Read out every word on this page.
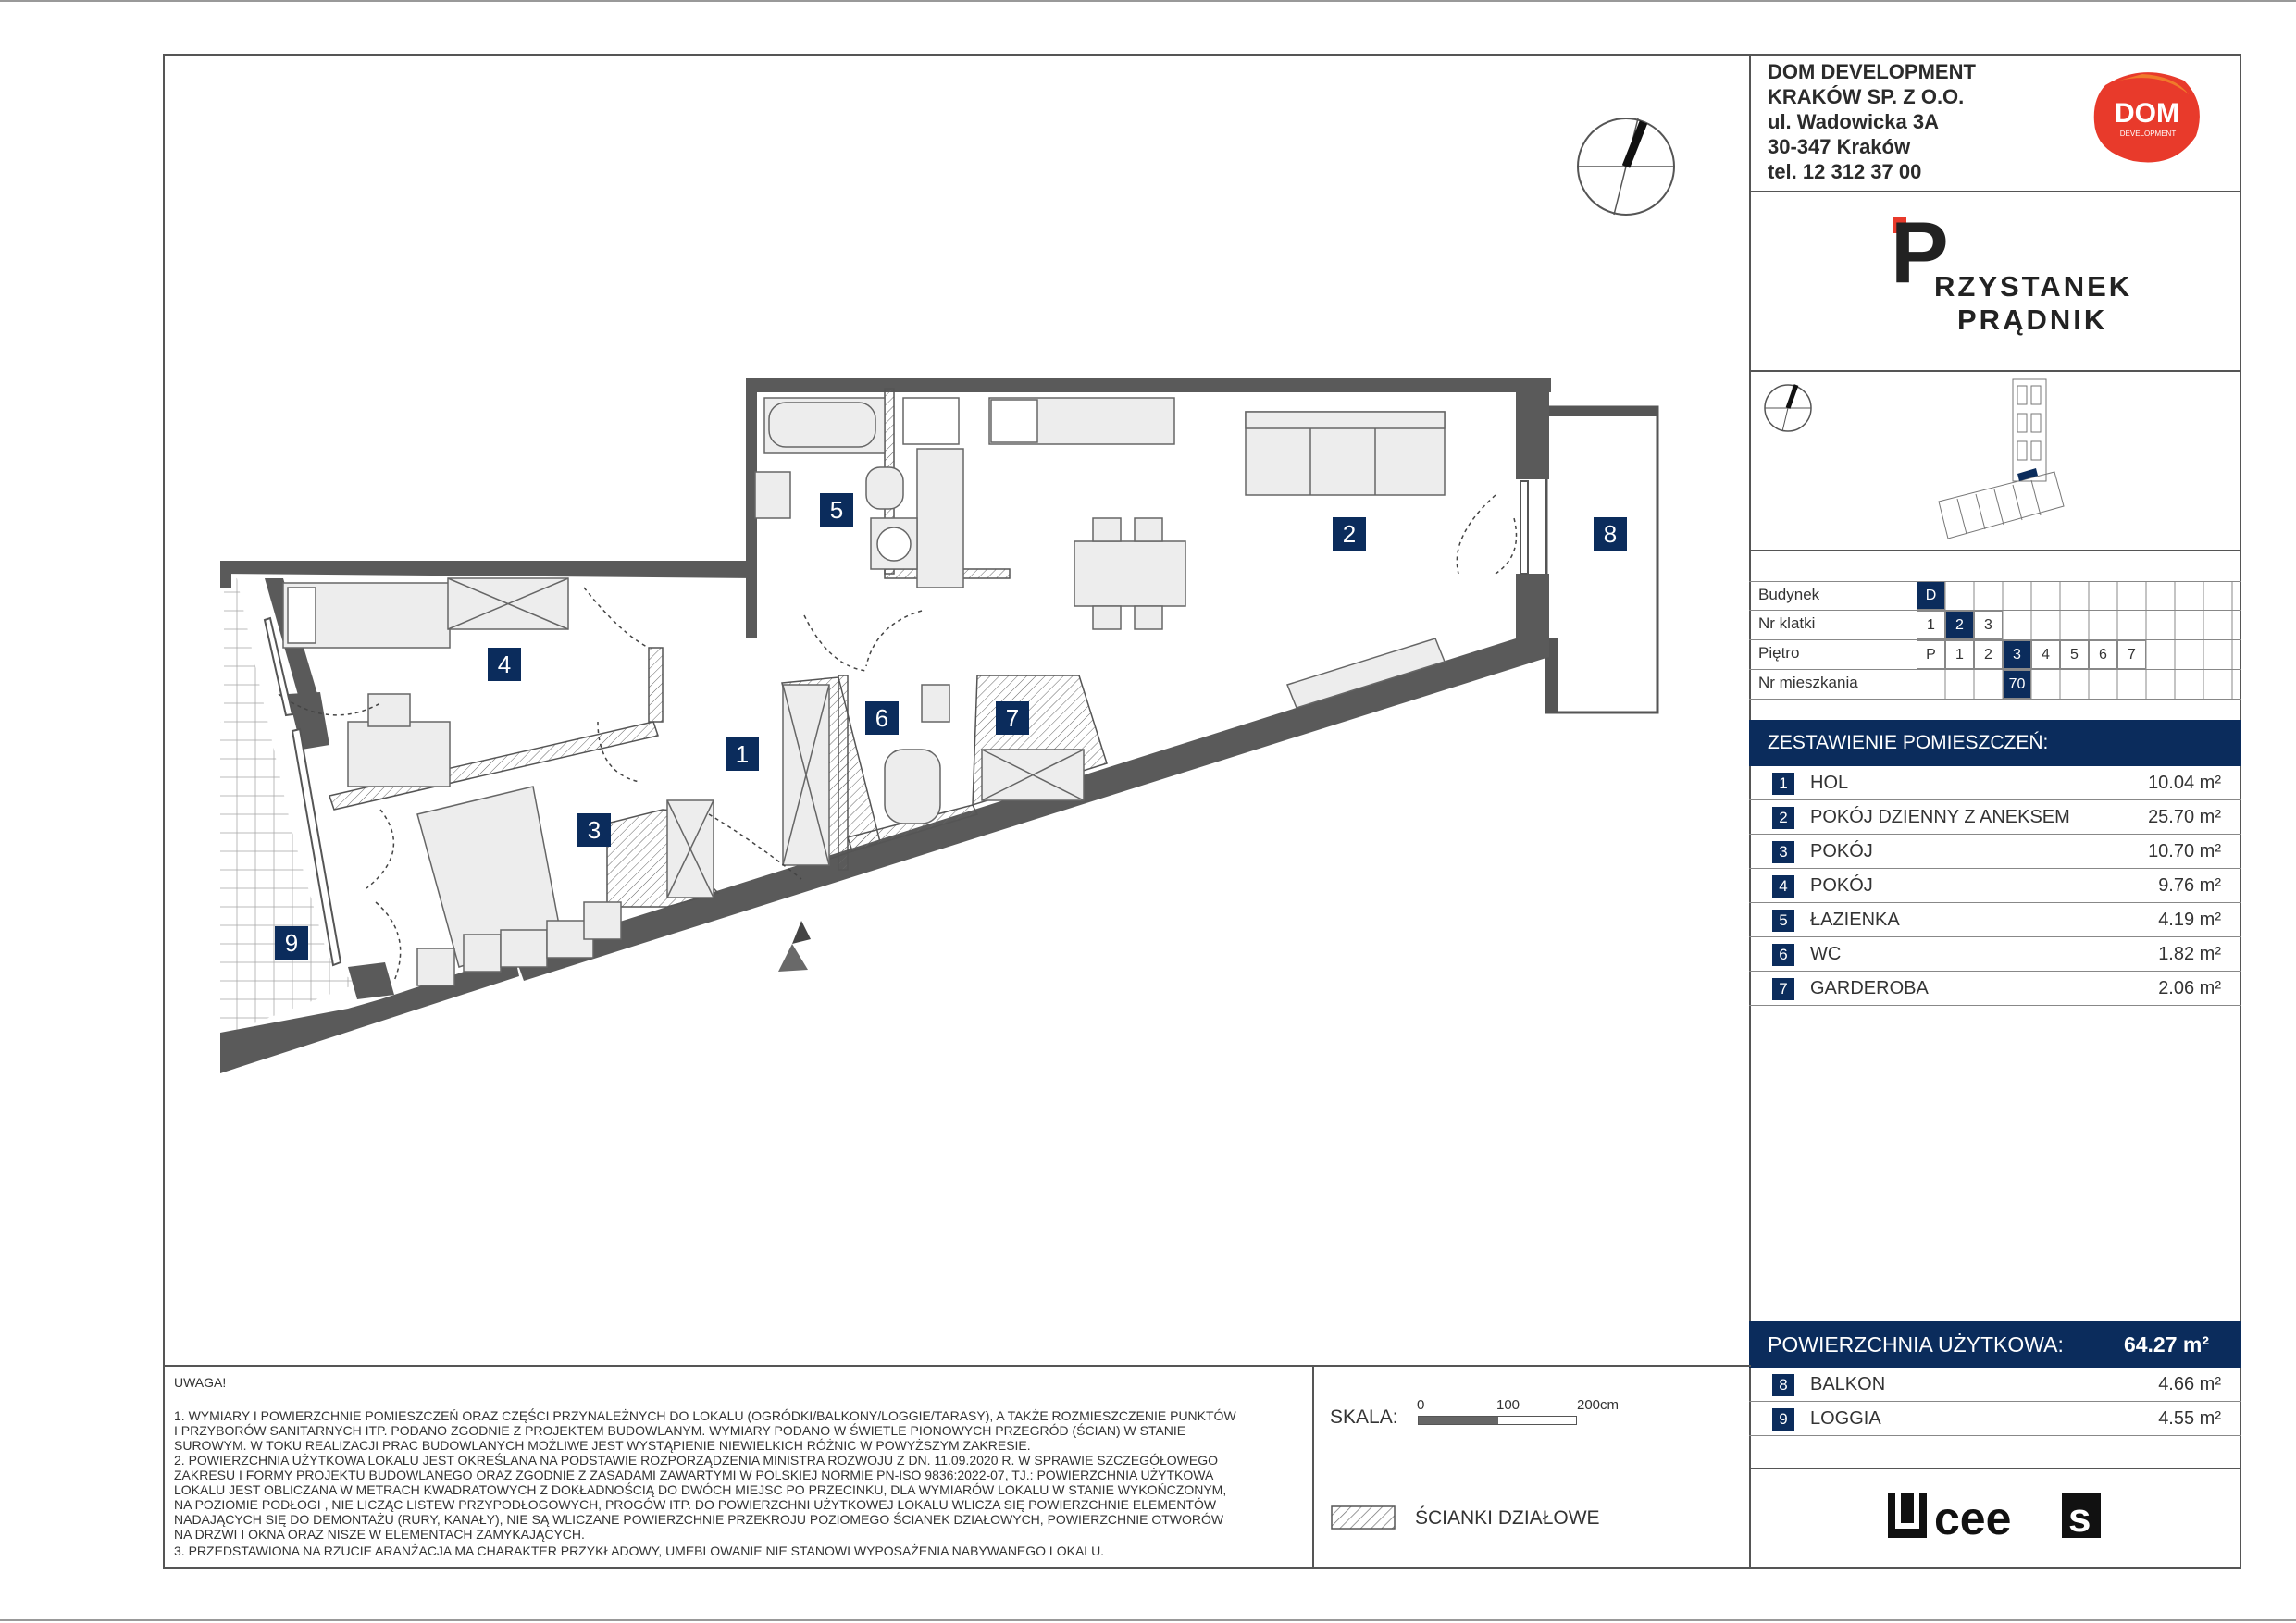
DOM DEVELOPMENT
KRAKÓW SP. Z O.O.
ul. Wadowicka 3A
30-347 Kraków
tel. 12 312 37 00
DOM
DEVELOPMENT
P
RZYSTANEK
PRĄDNIK
Budynek	D
Nr klatki	1	2	3
Piętro	P	1	2	3	4	5	6	7
Nr mieszkania	70
ZESTAWIENIE POMIESZCZEŃ:
1	HOL	10.04 m²
2	POKÓJ DZIENNY Z ANEKSEM	25.70 m²
3	POKÓJ	10.70 m²
4	POKÓJ	9.76 m²
5	ŁAZIENKA	4.19 m²
6	WC	1.82 m²
7	GARDEROBA	2.06 m²
POWIERZCHNIA UŻYTKOWA:	64.27 m²
8	BALKON	4.66 m²
9	LOGGIA	4.55 m²
cee s
UWAGA!
1. WYMIARY I POWIERZCHNIE POMIESZCZEŃ ORAZ CZĘŚCI PRZYNALEŻNYCH DO LOKALU (OGRÓDKI/BALKONY/LOGGIE/TARASY), A TAKŻE ROZMIESZCZENIE PUNKTÓW
I PRZYBORÓW SANITARNYCH ITP. PODANO ZGODNIE Z PROJEKTEM BUDOWLANYM. WYMIARY PODANO W ŚWIETLE PIONOWYCH PRZEGRÓD (ŚCIAN) W STANIE
SUROWYM. W TOKU REALIZACJI PRAC BUDOWLANYCH MOŻLIWE JEST WYSTĄPIENIE NIEWIELKICH RÓŻNIC W POWYŻSZYM ZAKRESIE.
2. POWIERZCHNIA UŻYTKOWA LOKALU JEST OKREŚLANA NA PODSTAWIE ROZPORZĄDZENIA MINISTRA ROZWOJU Z DN. 11.09.2020 R. W SPRAWIE SZCZEGÓŁOWEGO
ZAKRESU I FORMY PROJEKTU BUDOWLANEGO ORAZ ZGODNIE Z ZASADAMI ZAWARTYMI W POLSKIEJ NORMIE PN-ISO 9836:2022-07, TJ.: POWIERZCHNIA UŻYTKOWA
LOKALU JEST OBLICZANA W METRACH KWADRATOWYCH Z DOKŁADNOŚCIĄ DO DWÓCH MIEJSC PO PRZECINKU, DLA WYMIARÓW LOKALU W STANIE WYKOŃCZONYM,
NA POZIOMIE PODŁOGI , NIE LICZĄC LISTEW PRZYPODŁOGOWYCH, PROGÓW ITP. DO POWIERZCHNI UŻYTKOWEJ LOKALU WLICZA SIĘ POWIERZCHNIE ELEMENTÓW
NADAJĄCYCH SIĘ DO DEMONTAŻU (RURY, KANAŁY), NIE SĄ WLICZANE POWIERZCHNIE PRZEKROJU POZIOMEGO ŚCIANEK DZIAŁOWYCH, POWIERZCHNIE OTWORÓW
NA DRZWI I OKNA ORAZ NISZE W ELEMENTACH ZAMYKAJĄCYCH.
3. PRZEDSTAWIONA NA RZUCIE ARANŻACJA MA CHARAKTER PRZYKŁADOWY, UMEBLOWANIE NIE STANOWI WYPOSAŻENIA NABYWANEGO LOKALU.
SKALA:
0	100	200cm
ŚCIANKI DZIAŁOWE
1
2
3
4
5
6	7
8
9
